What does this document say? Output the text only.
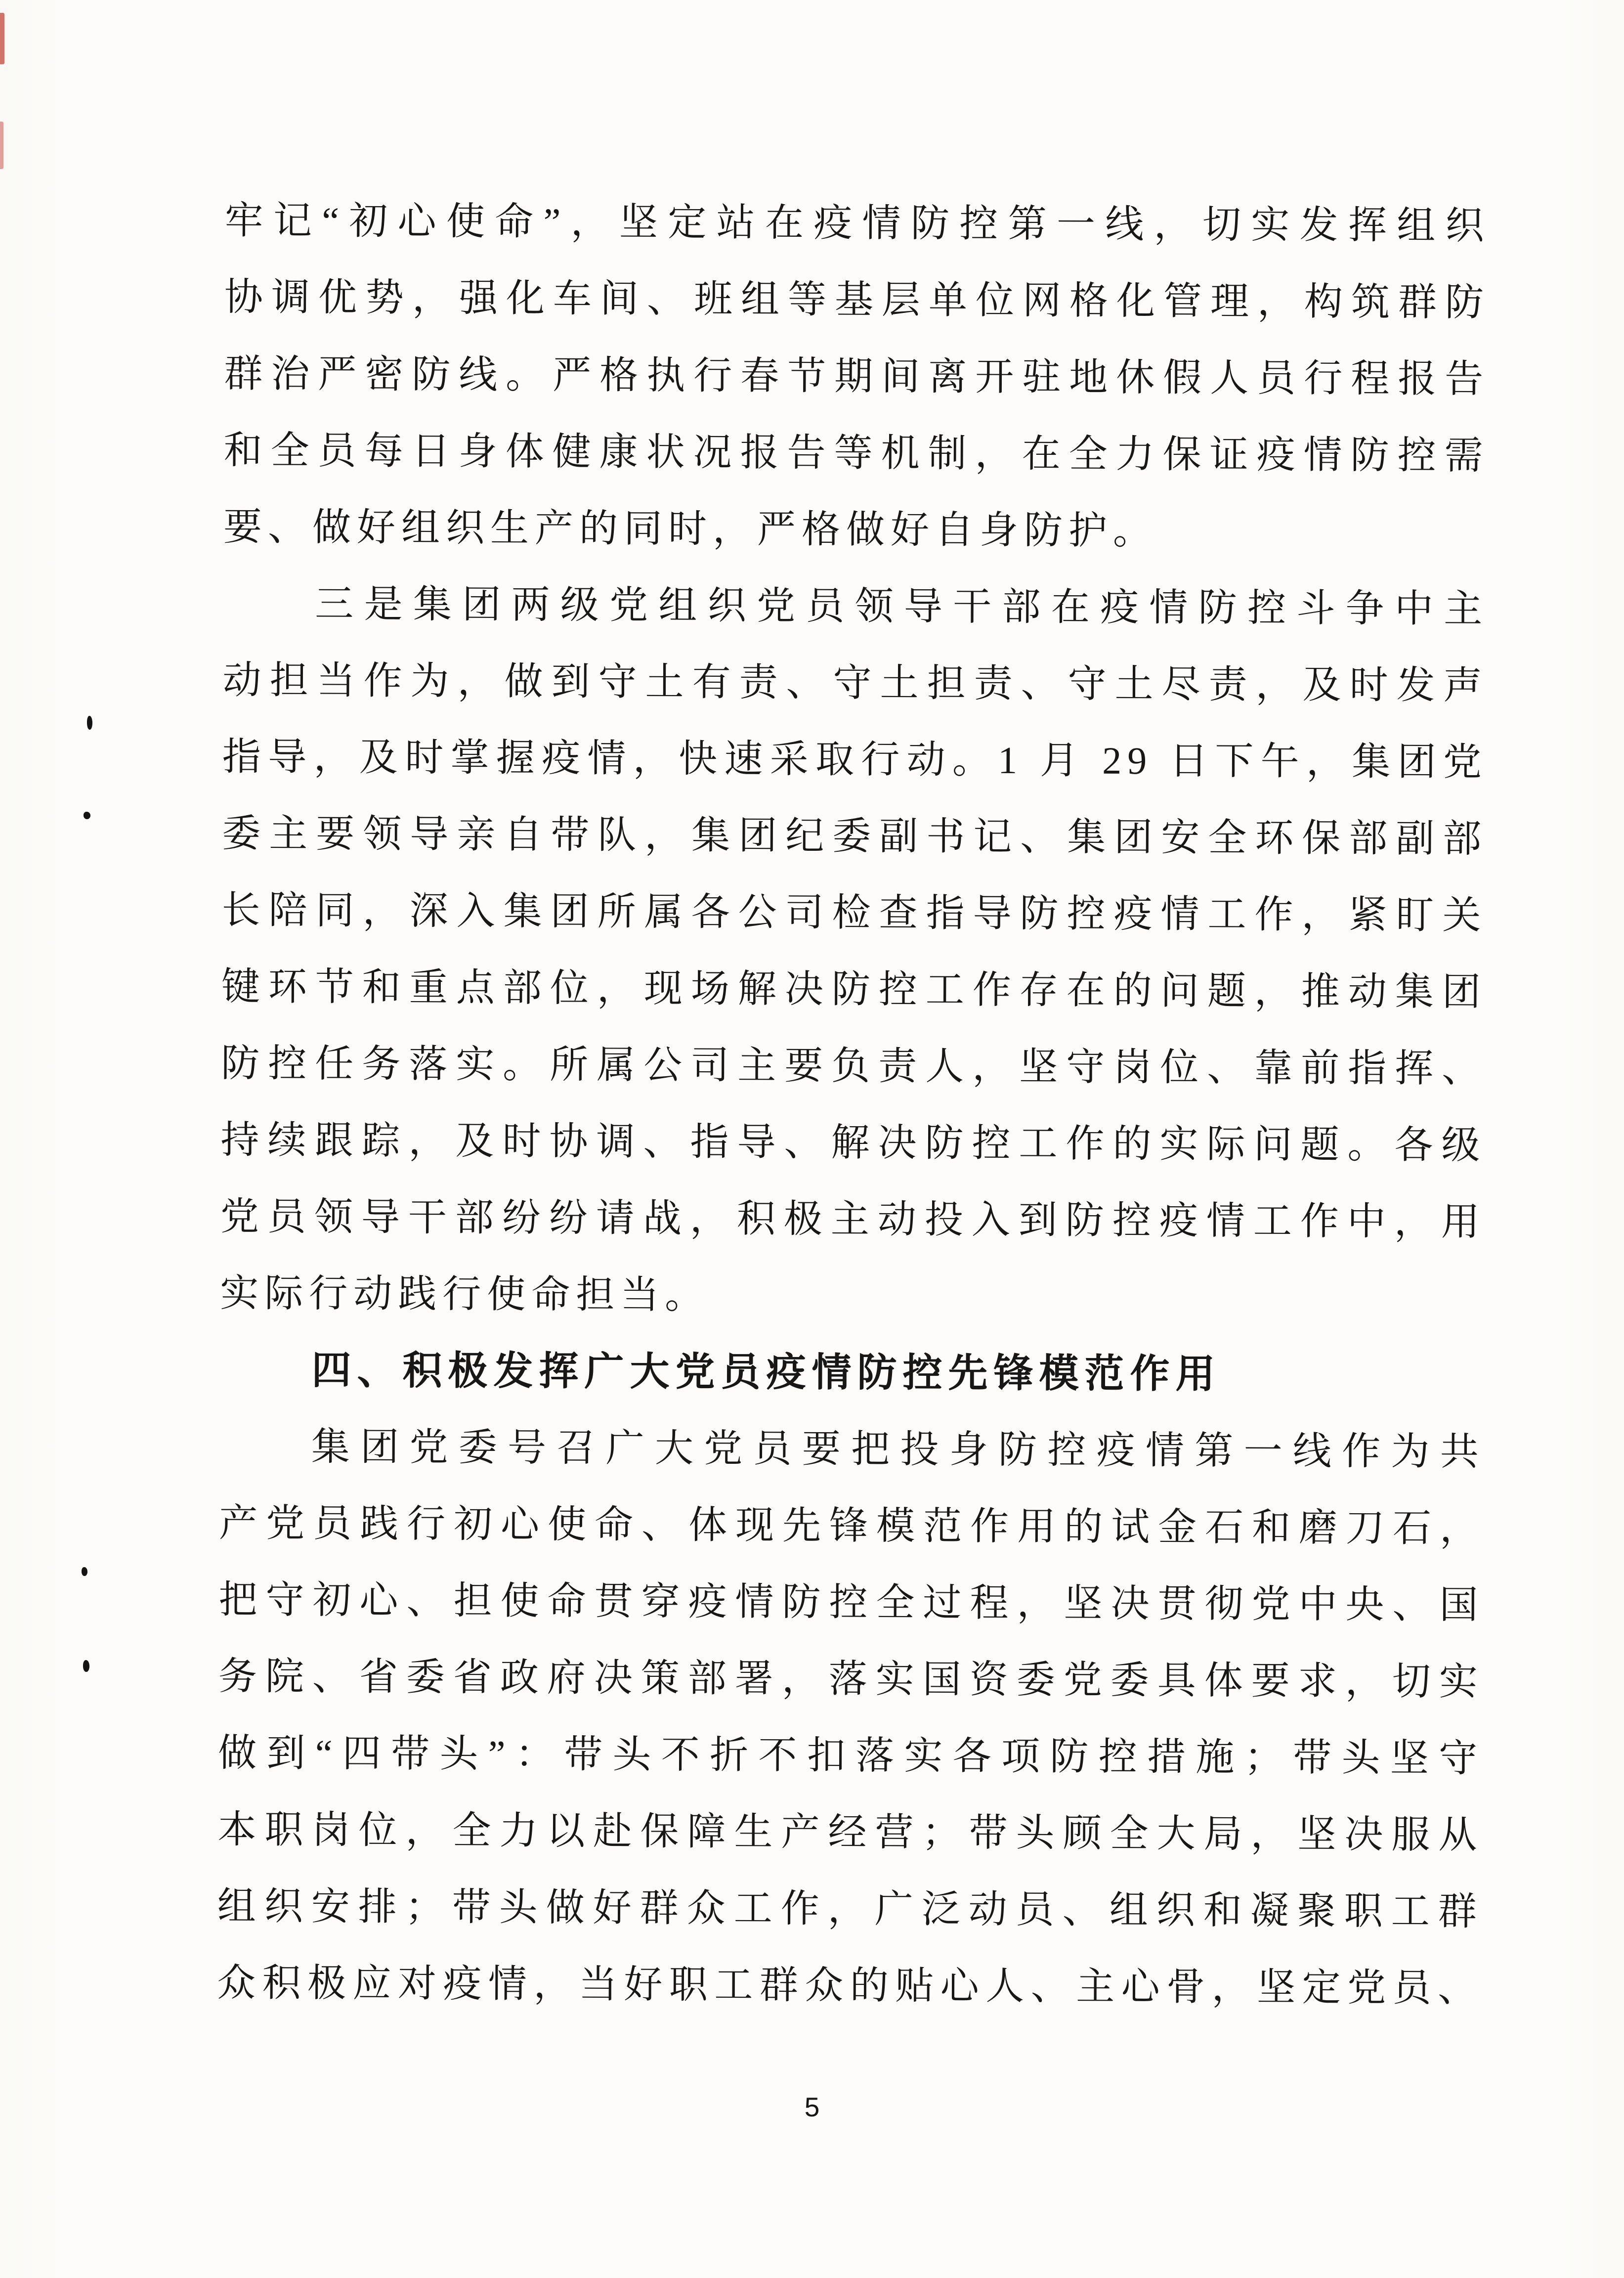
牢记“初心使命”，坚定站在疫情防控第一线，切实发挥组织
协调优势，强化车间、班组等基层单位网格化管理，构筑群防
群治严密防线。严格执行春节期间离开驻地休假人员行程报告
和全员每日身体健康状况报告等机制，在全力保证疫情防控需
要、做好组织生产的同时，严格做好自身防护。
三是集团两级党组织党员领导干部在疫情防控斗争中主
动担当作为，做到守土有责、守土担责、守土尽责，及时发声
指导，及时掌握疫情，快速采取行动。1 月 29 日下午，集团党
委主要领导亲自带队，集团纪委副书记、集团安全环保部副部
长陪同，深入集团所属各公司检查指导防控疫情工作，紧盯关
键环节和重点部位，现场解决防控工作存在的问题，推动集团
防控任务落实。所属公司主要负责人，坚守岗位、靠前指挥、
持续跟踪，及时协调、指导、解决防控工作的实际问题。各级
党员领导干部纷纷请战，积极主动投入到防控疫情工作中，用
实际行动践行使命担当。
四、积极发挥广大党员疫情防控先锋模范作用
集团党委号召广大党员要把投身防控疫情第一线作为共
产党员践行初心使命、体现先锋模范作用的试金石和磨刀石，
把守初心、担使命贯穿疫情防控全过程，坚决贯彻党中央、国
务院、省委省政府决策部署，落实国资委党委具体要求，切实
做到“四带头”：带头不折不扣落实各项防控措施；带头坚守
本职岗位，全力以赴保障生产经营；带头顾全大局，坚决服从
组织安排；带头做好群众工作，广泛动员、组织和凝聚职工群
众积极应对疫情，当好职工群众的贴心人、主心骨，坚定党员、
5
